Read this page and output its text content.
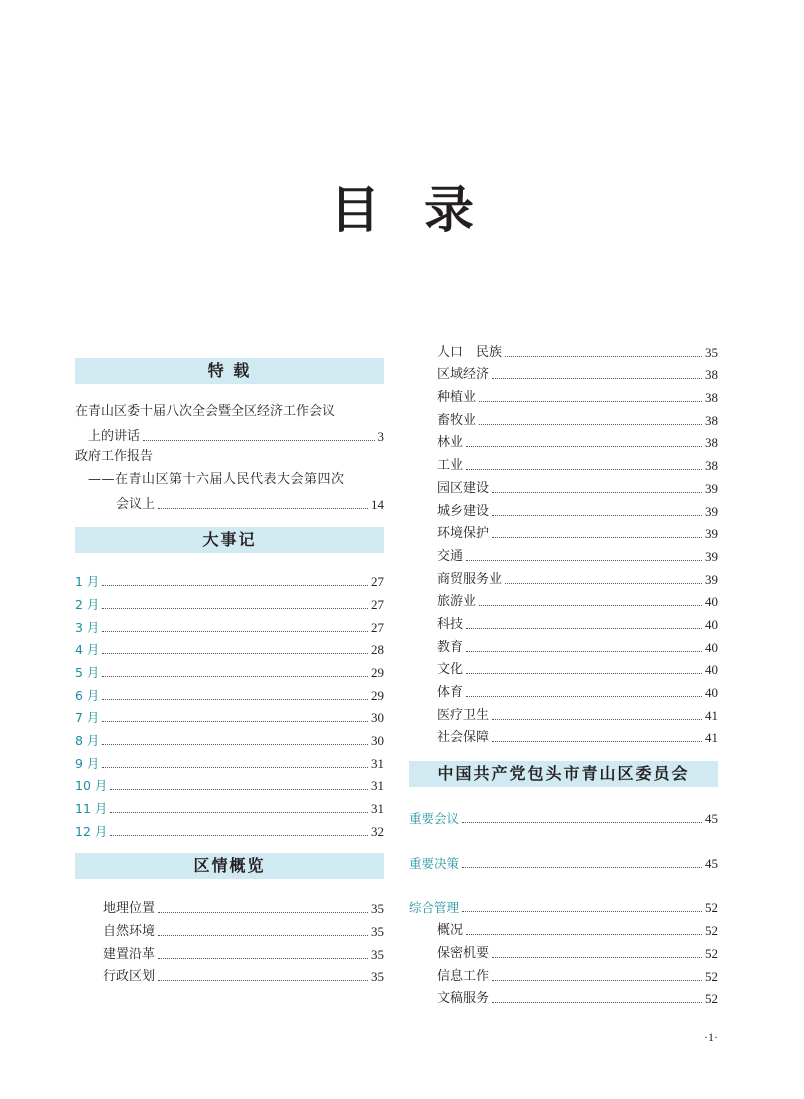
目录
特 载
在青山区委十届八次全会暨全区经济工作会议
上的讲话	3
政府工作报告
——在青山区第十六届人民代表大会第四次
会议上	14
大事记
1 月	27
2 月	27
3 月	27
4 月	28
5 月	29
6 月	29
7 月	30
8 月	30
9 月	31
10 月	31
11 月	31
12 月	32
区情概览
地理位置	35
自然环境	35
建置沿革	35
行政区划	35
人口　民族	35
区域经济	38
种植业	38
畜牧业	38
林业	38
工业	38
园区建设	39
城乡建设	39
环境保护	39
交通	39
商贸服务业	39
旅游业	40
科技	40
教育	40
文化	40
体育	40
医疗卫生	41
社会保障	41
中国共产党包头市青山区委员会
重要会议	45
重要决策	45
综合管理	52
概况	52
保密机要	52
信息工作	52
文稿服务	52
·1·
